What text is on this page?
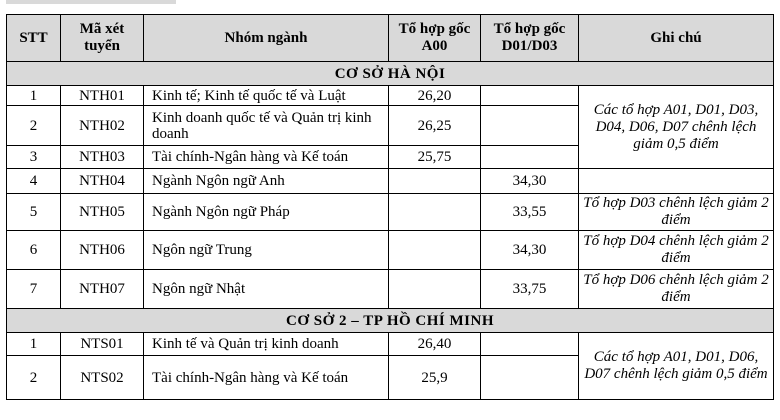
STT	Mã xét tuyển	Nhóm ngành	Tổ hợp gốc A00	Tổ hợp gốc D01/D03	Ghi chú
CƠ SỞ HÀ NỘI					
1	NTH01	Kinh tế; Kinh tế quốc tế và Luật	26,20		Các tổ hợp A01, D01, D03, D04, D06, D07 chênh lệch giảm 0,5 điểm
2	NTH02	Kinh doanh quốc tế và Quản trị kinh doanh	26,25		
3	NTH03	Tài chính-Ngân hàng và Kế toán	25,75		
4	NTH04	Ngành Ngôn ngữ Anh		34,30	
5	NTH05	Ngành Ngôn ngữ Pháp		33,55	Tổ hợp D03 chênh lệch giảm 2 điểm
6	NTH06	Ngôn ngữ Trung		34,30	Tổ hợp D04 chênh lệch giảm 2 điểm
7	NTH07	Ngôn ngữ Nhật		33,75	Tổ hợp D06 chênh lệch giảm 2 điểm
CƠ SỞ 2 – TP HỒ CHÍ MINH					
1	NTS01	Kinh tế và Quản trị kinh doanh	26,40		Các tổ hợp A01, D01, D06, D07 chênh lệch giảm 0,5 điểm
2	NTS02	Tài chính-Ngân hàng và Kế toán	25,9		
